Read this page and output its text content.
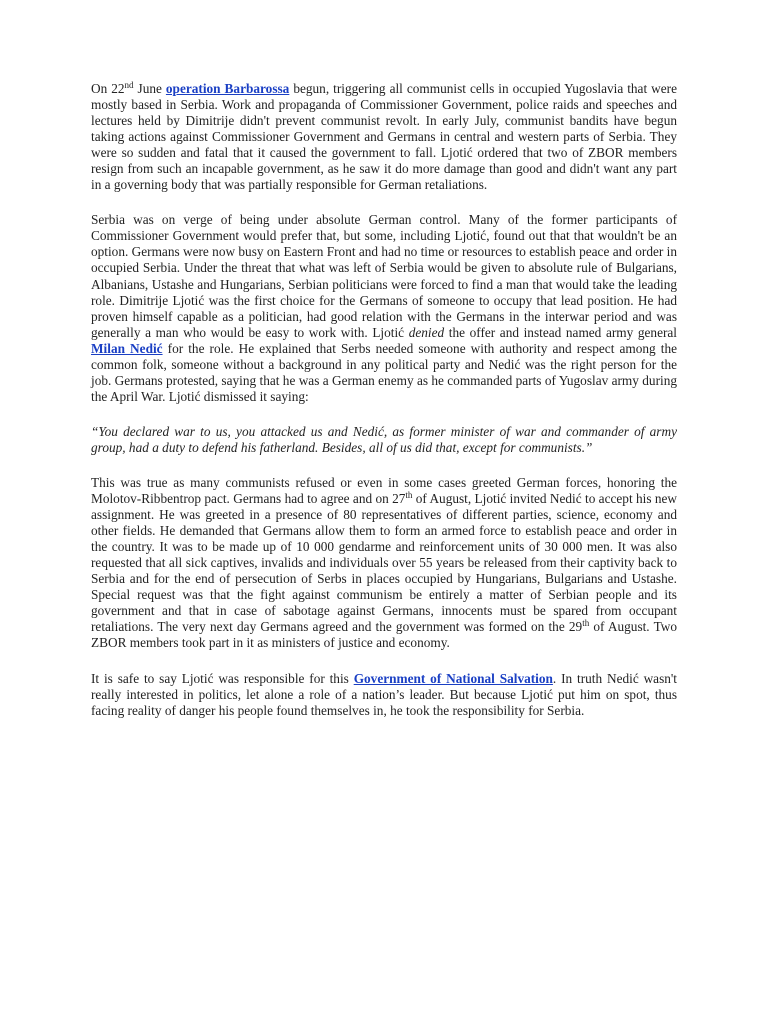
On 22nd June operation Barbarossa begun, triggering all communist cells in occupied Yugoslavia that were mostly based in Serbia. Work and propaganda of Commissioner Government, police raids and speeches and lectures held by Dimitrije didn't prevent communist revolt. In early July, communist bandits have begun taking actions against Commissioner Government and Germans in central and western parts of Serbia. They were so sudden and fatal that it caused the government to fall. Ljotić ordered that two of ZBOR members resign from such an incapable government, as he saw it do more damage than good and didn't want any part in a governing body that was partially responsible for German retaliations.

Serbia was on verge of being under absolute German control. Many of the former participants of Commissioner Government would prefer that, but some, including Ljotić, found out that that wouldn't be an option. Germans were now busy on Eastern Front and had no time or resources to establish peace and order in occupied Serbia. Under the threat that what was left of Serbia would be given to absolute rule of Bulgarians, Albanians, Ustashe and Hungarians, Serbian politicians were forced to find a man that would take the leading role. Dimitrije Ljotić was the first choice for the Germans of someone to occupy that lead position. He had proven himself capable as a politician, had good relation with the Germans in the interwar period and was generally a man who would be easy to work with. Ljotić denied the offer and instead named army general Milan Nedić for the role. He explained that Serbs needed someone with authority and respect among the common folk, someone without a background in any political party and Nedić was the right person for the job. Germans protested, saying that he was a German enemy as he commanded parts of Yugoslav army during the April War. Ljotić dismissed it saying:

“You declared war to us, you attacked us and Nedić, as former minister of war and commander of army group, had a duty to defend his fatherland. Besides, all of us did that, except for communists.”

This was true as many communists refused or even in some cases greeted German forces, honoring the Molotov-Ribbentrop pact. Germans had to agree and on 27th of August, Ljotić invited Nedić to accept his new assignment. He was greeted in a presence of 80 representatives of different parties, science, economy and other fields. He demanded that Germans allow them to form an armed force to establish peace and order in the country. It was to be made up of 10 000 gendarme and reinforcement units of 30 000 men. It was also requested that all sick captives, invalids and individuals over 55 years be released from their captivity back to Serbia and for the end of persecution of Serbs in places occupied by Hungarians, Bulgarians and Ustashe. Special request was that the fight against communism be entirely a matter of Serbian people and its government and that in case of sabotage against Germans, innocents must be spared from occupant retaliations. The very next day Germans agreed and the government was formed on the 29th of August. Two ZBOR members took part in it as ministers of justice and economy.

It is safe to say Ljotić was responsible for this Government of National Salvation. In truth Nedić wasn't really interested in politics, let alone a role of a nation’s leader. But because Ljotić put him on spot, thus facing reality of danger his people found themselves in, he took the responsibility for Serbia.
